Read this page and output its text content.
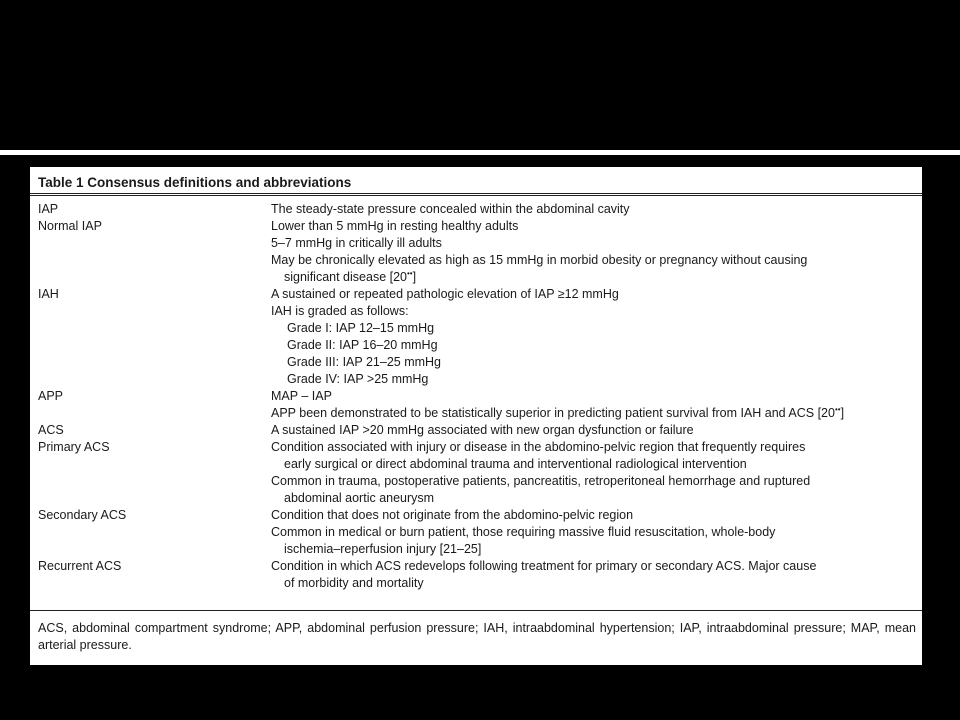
Table 1 Consensus definitions and abbreviations
IAP	The steady-state pressure concealed within the abdominal cavity
Normal IAP	Lower than 5 mmHg in resting healthy adults
5–7 mmHg in critically ill adults
May be chronically elevated as high as 15 mmHg in morbid obesity or pregnancy without causing
significant disease [20••]
IAH	A sustained or repeated pathologic elevation of IAP ≥12 mmHg
IAH is graded as follows:
Grade I: IAP 12–15 mmHg
Grade II: IAP 16–20 mmHg
Grade III: IAP 21–25 mmHg
Grade IV: IAP >25 mmHg
APP	MAP – IAP
APP been demonstrated to be statistically superior in predicting patient survival from IAH and ACS [20••]
ACS	A sustained IAP >20 mmHg associated with new organ dysfunction or failure
Primary ACS	Condition associated with injury or disease in the abdomino-pelvic region that frequently requires
early surgical or direct abdominal trauma and interventional radiological intervention
Common in trauma, postoperative patients, pancreatitis, retroperitoneal hemorrhage and ruptured
abdominal aortic aneurysm
Secondary ACS	Condition that does not originate from the abdomino-pelvic region
Common in medical or burn patient, those requiring massive fluid resuscitation, whole-body
ischemia–reperfusion injury [21–25]
Recurrent ACS	Condition in which ACS redevelops following treatment for primary or secondary ACS. Major cause
of morbidity and mortality
ACS, abdominal compartment syndrome; APP, abdominal perfusion pressure; IAH, intraabdominal hypertension; IAP, intraabdominal pressure; MAP, mean arterial pressure.
